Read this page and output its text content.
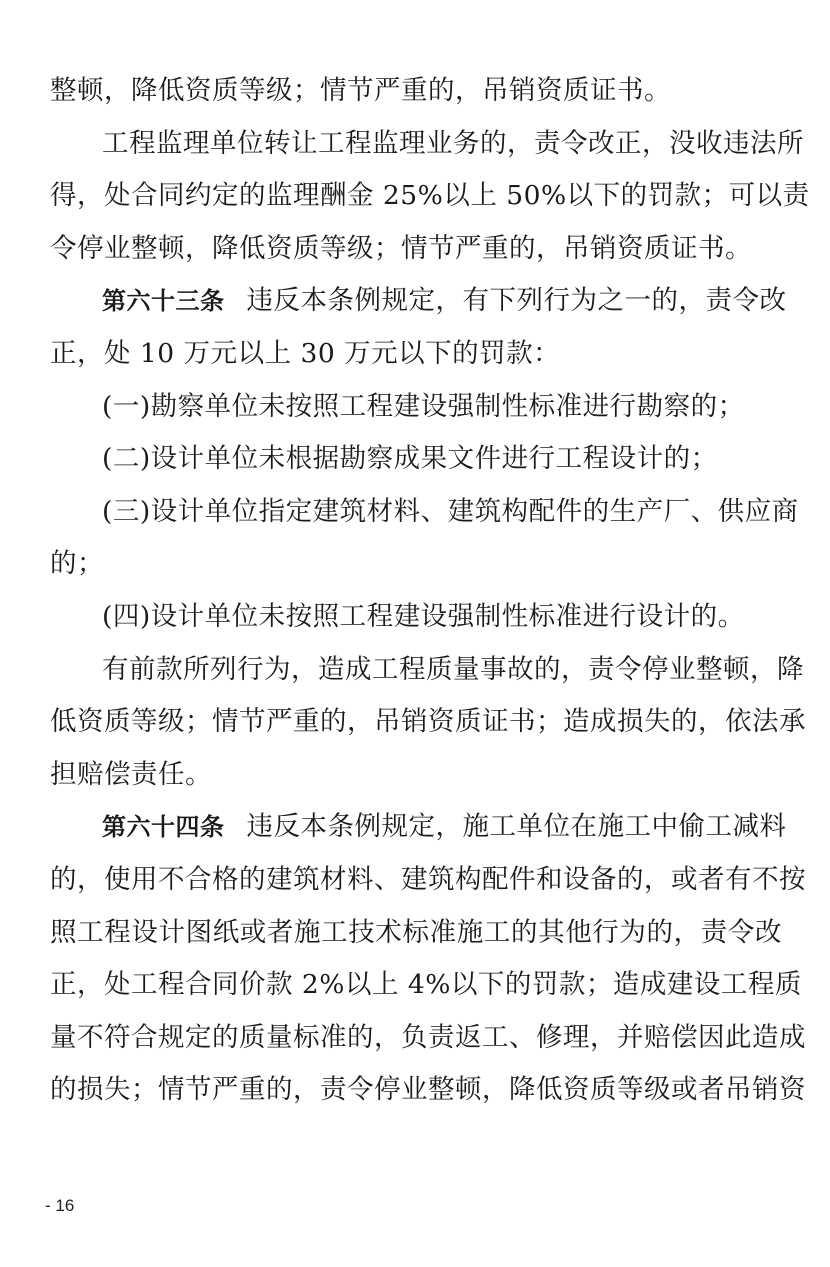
整顿，降低资质等级；情节严重的，吊销资质证书。
工程监理单位转让工程监理业务的，责令改正，没收违法所
得，处合同约定的监理酬金 25%以上 50%以下的罚款；可以责
令停业整顿，降低资质等级；情节严重的，吊销资质证书。
第六十三条 违反本条例规定，有下列行为之一的，责令改
正，处 10 万元以上 30 万元以下的罚款：
(一)勘察单位未按照工程建设强制性标准进行勘察的；
(二)设计单位未根据勘察成果文件进行工程设计的；
(三)设计单位指定建筑材料、建筑构配件的生产厂、供应商
的；
(四)设计单位未按照工程建设强制性标准进行设计的。
有前款所列行为，造成工程质量事故的，责令停业整顿，降
低资质等级；情节严重的，吊销资质证书；造成损失的，依法承
担赔偿责任。
第六十四条 违反本条例规定，施工单位在施工中偷工减料
的，使用不合格的建筑材料、建筑构配件和设备的，或者有不按
照工程设计图纸或者施工技术标准施工的其他行为的，责令改
正，处工程合同价款 2%以上 4%以下的罚款；造成建设工程质
量不符合规定的质量标准的，负责返工、修理，并赔偿因此造成
的损失；情节严重的，责令停业整顿，降低资质等级或者吊销资
- 16
